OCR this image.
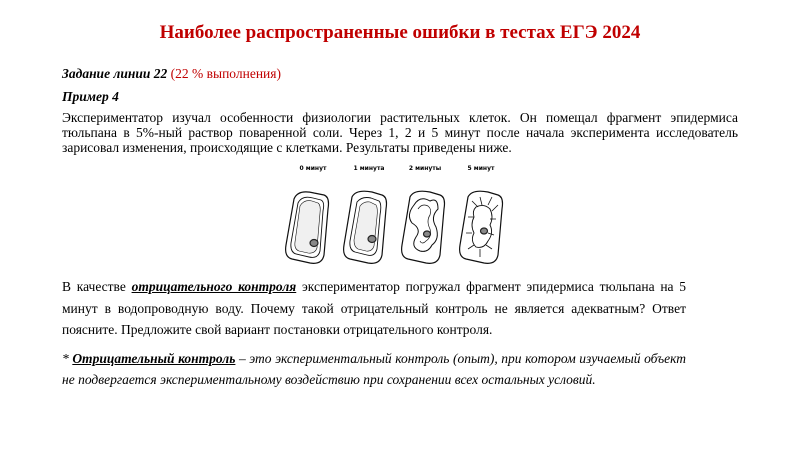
Наиболее распространенные ошибки в тестах ЕГЭ 2024

Задание линии 22 (22 % выполнения)

Пример 4

Экспериментатор изучал особенности физиологии растительных клеток. Он помещал фрагмент эпидермиса тюльпана в 5%-ный раствор поваренной соли. Через 1, 2 и 5 минут после начала эксперимента исследователь зарисовал изменения, происходящие с клетками. Результаты приведены ниже.

0 минут	1 минута	2 минуты	5 минут

В качестве отрицательного контроля экспериментатор погружал фрагмент эпидермиса тюльпана на 5 минут в водопроводную воду. Почему такой отрицательный контроль не является адекватным? Ответ поясните. Предложите свой вариант постановки отрицательного контроля.

* Отрицательный контроль – это экспериментальный контроль (опыт), при котором изучаемый объект не подвергается экспериментальному воздействию при сохранении всех остальных условий.
